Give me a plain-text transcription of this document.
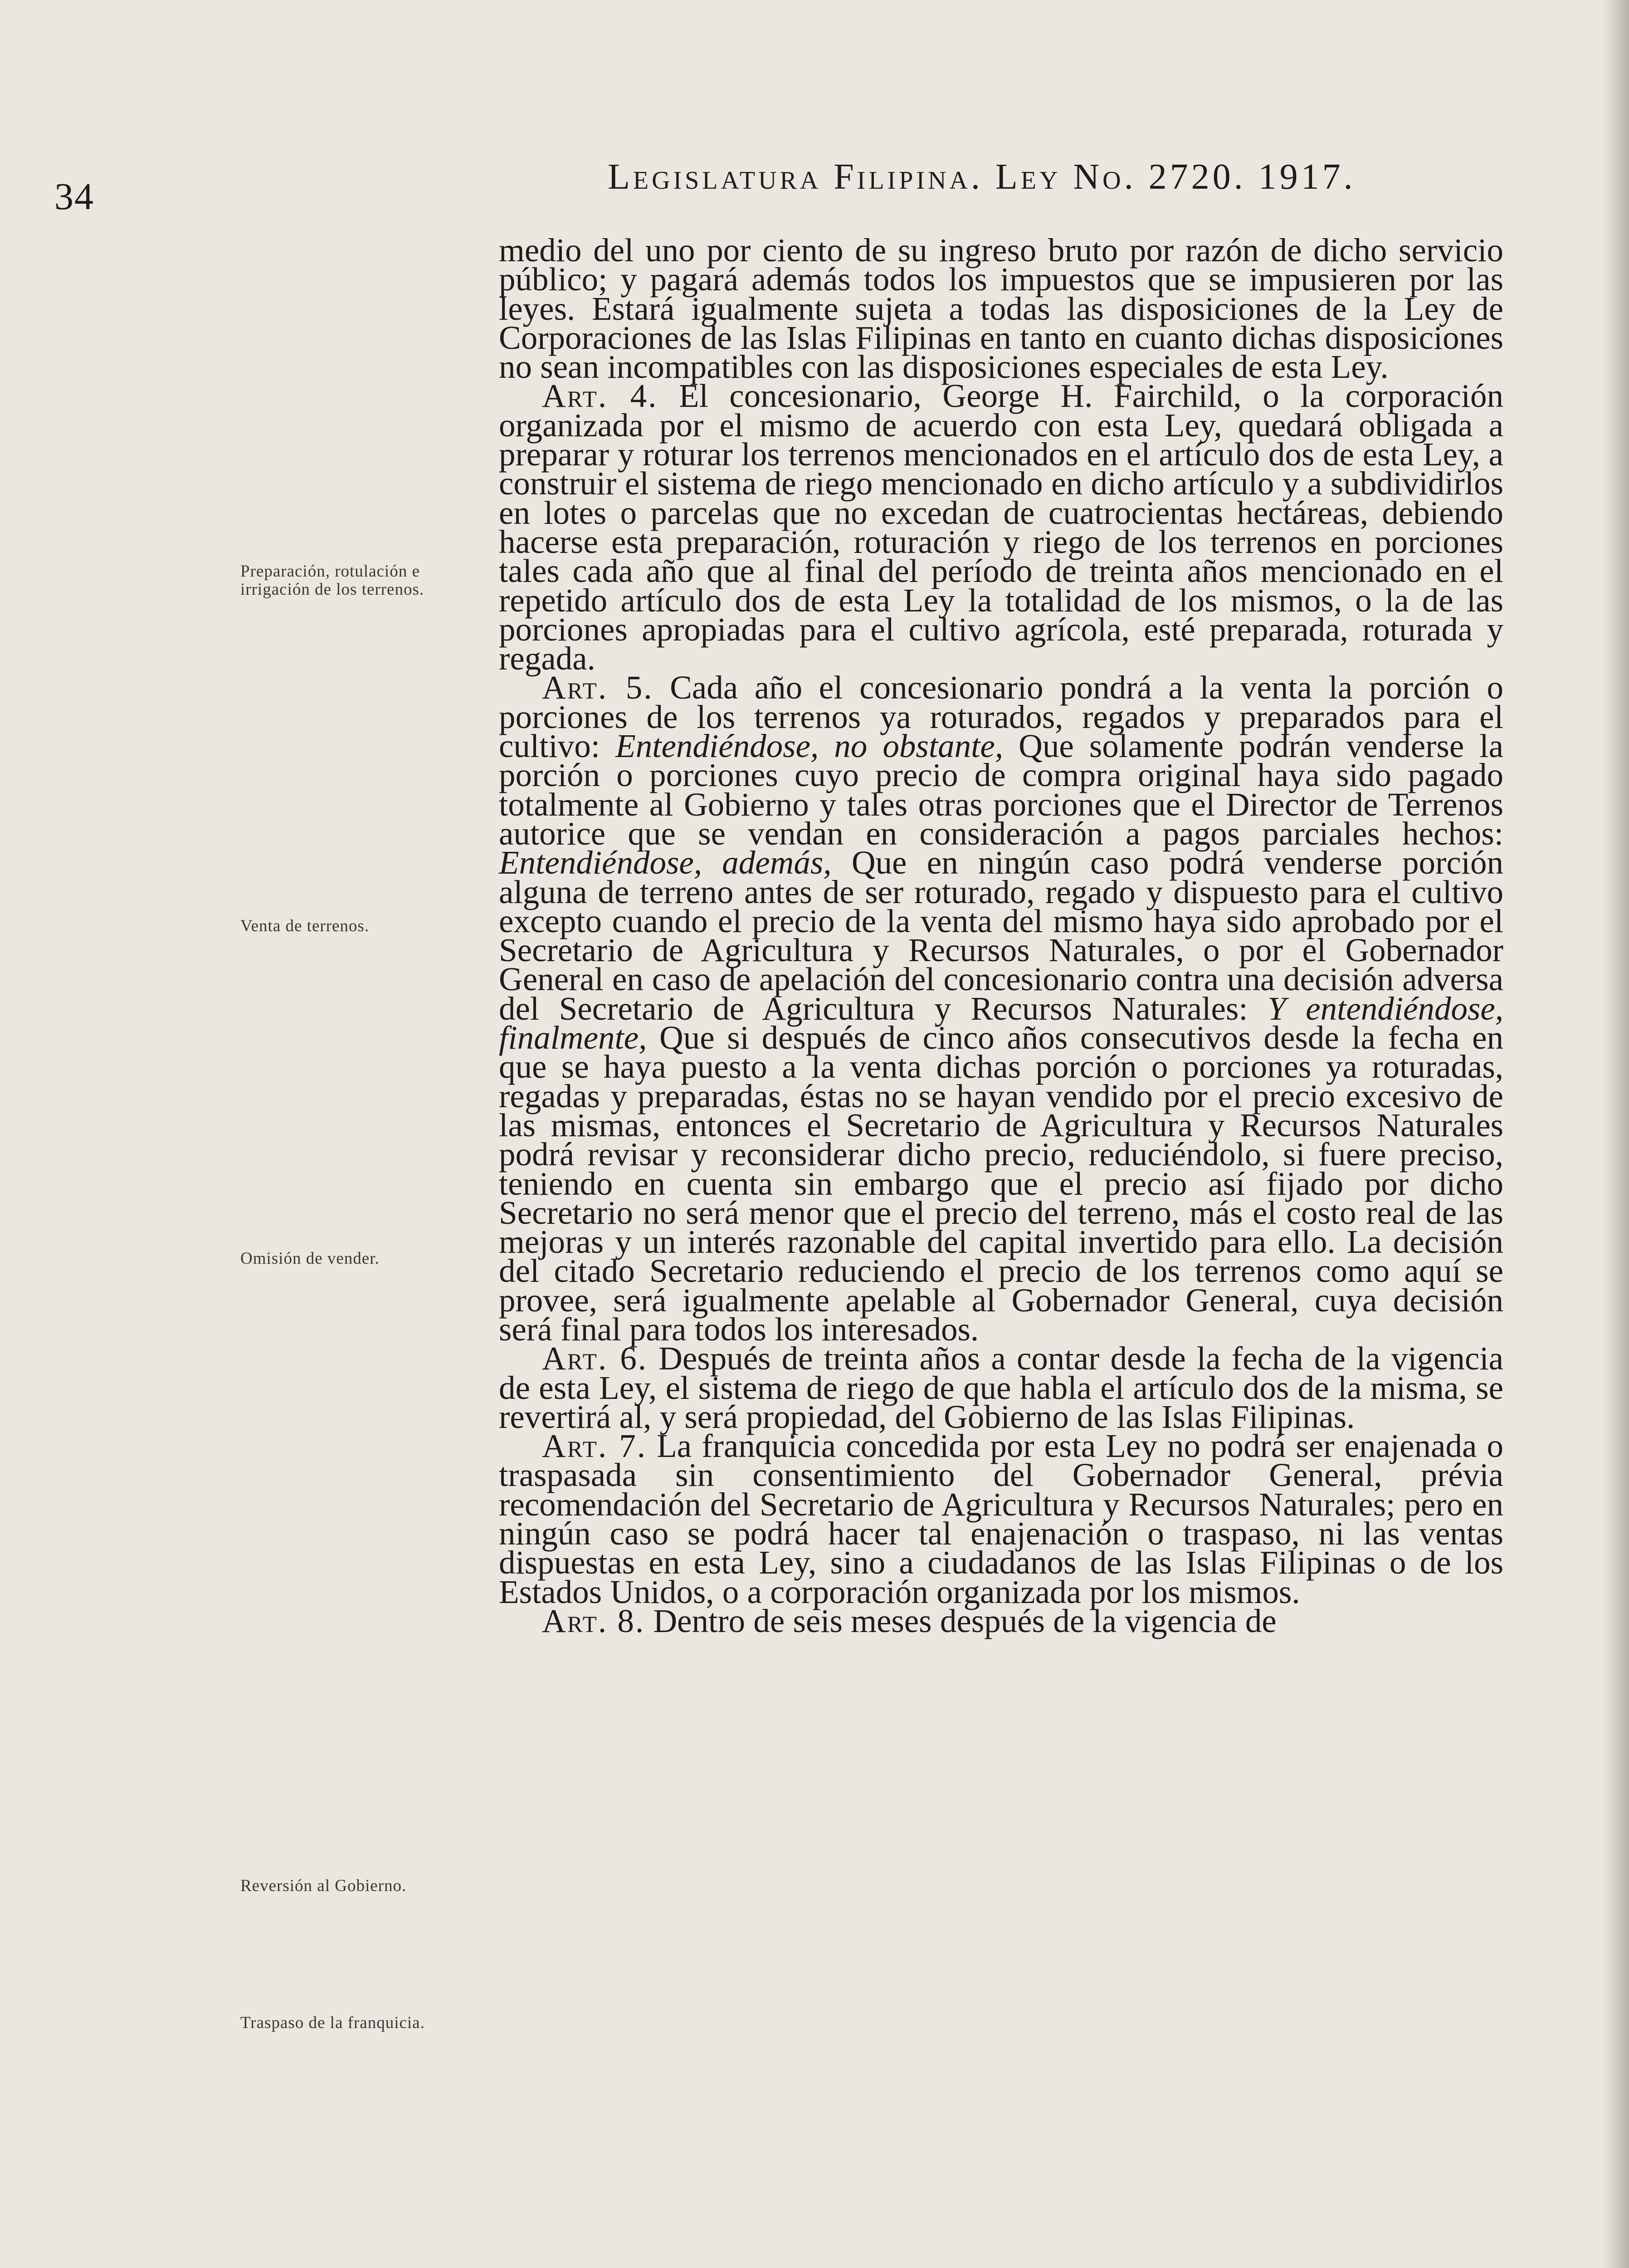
34	Legislatura Filipina. Ley No. 2720. 1917.
Preparación, rotulación e irrigación de los terrenos.
Venta de terrenos.
Omisión de vender.
Reversión al Gobierno.
Traspaso de la franquicia.

medio del uno por ciento de su ingreso bruto por razón de dicho servicio público; y pagará además todos los impuestos que se impusieren por las leyes. Estará igualmente sujeta a todas las disposiciones de la Ley de Corporaciones de las Islas Filipinas en tanto en cuanto dichas disposiciones no sean incompatibles con las disposiciones especiales de esta Ley.

Art. 4. El concesionario, George H. Fairchild, o la corporación organizada por el mismo de acuerdo con esta Ley, quedará obligada a preparar y roturar los terrenos mencionados en el artículo dos de esta Ley, a construir el sistema de riego mencionado en dicho artículo y a subdividirlos en lotes o parcelas que no excedan de cuatrocientas hectáreas, debiendo hacerse esta preparación, roturación y riego de los terrenos en porciones tales cada año que al final del período de treinta años mencionado en el repetido artículo dos de esta Ley la totalidad de los mismos, o la de las porciones apropiadas para el cultivo agrícola, esté preparada, roturada y regada.

Art. 5. Cada año el concesionario pondrá a la venta la porción o porciones de los terrenos ya roturados, regados y preparados para el cultivo: Entendiéndose, no obstante, Que solamente podrán venderse la porción o porciones cuyo precio de compra original haya sido pagado totalmente al Gobierno y tales otras porciones que el Director de Terrenos autorice que se vendan en consideración a pagos parciales hechos: Entendiéndose, además, Que en ningún caso podrá venderse porción alguna de terreno antes de ser roturado, regado y dispuesto para el cultivo excepto cuando el precio de la venta del mismo haya sido aprobado por el Secretario de Agricultura y Recursos Naturales, o por el Gobernador General en caso de apelación del concesionario contra una decisión adversa del Secretario de Agricultura y Recursos Naturales: Y entendiéndose, finalmente, Que si después de cinco años consecutivos desde la fecha en que se haya puesto a la venta dichas porción o porciones ya roturadas, regadas y preparadas, éstas no se hayan vendido por el precio excesivo de las mismas, entonces el Secretario de Agricultura y Recursos Naturales podrá revisar y reconsiderar dicho precio, reduciéndolo, si fuere preciso, teniendo en cuenta sin embargo que el precio así fijado por dicho Secretario no será menor que el precio del terreno, más el costo real de las mejoras y un interés razonable del capital invertido para ello. La decisión del citado Secretario reduciendo el precio de los terrenos como aquí se provee, será igualmente apelable al Gobernador General, cuya decisión será final para todos los interesados.

Art. 6. Después de treinta años a contar desde la fecha de la vigencia de esta Ley, el sistema de riego de que habla el artículo dos de la misma, se revertirá al, y será propiedad, del Gobierno de las Islas Filipinas.

Art. 7. La franquicia concedida por esta Ley no podrá ser enajenada o traspasada sin consentimiento del Gobernador General, prévia recomendación del Secretario de Agricultura y Recursos Naturales; pero en ningún caso se podrá hacer tal enajenación o traspaso, ni las ventas dispuestas en esta Ley, sino a ciudadanos de las Islas Filipinas o de los Estados Unidos, o a corporación organizada por los mismos.

Art. 8. Dentro de seis meses después de la vigencia de
